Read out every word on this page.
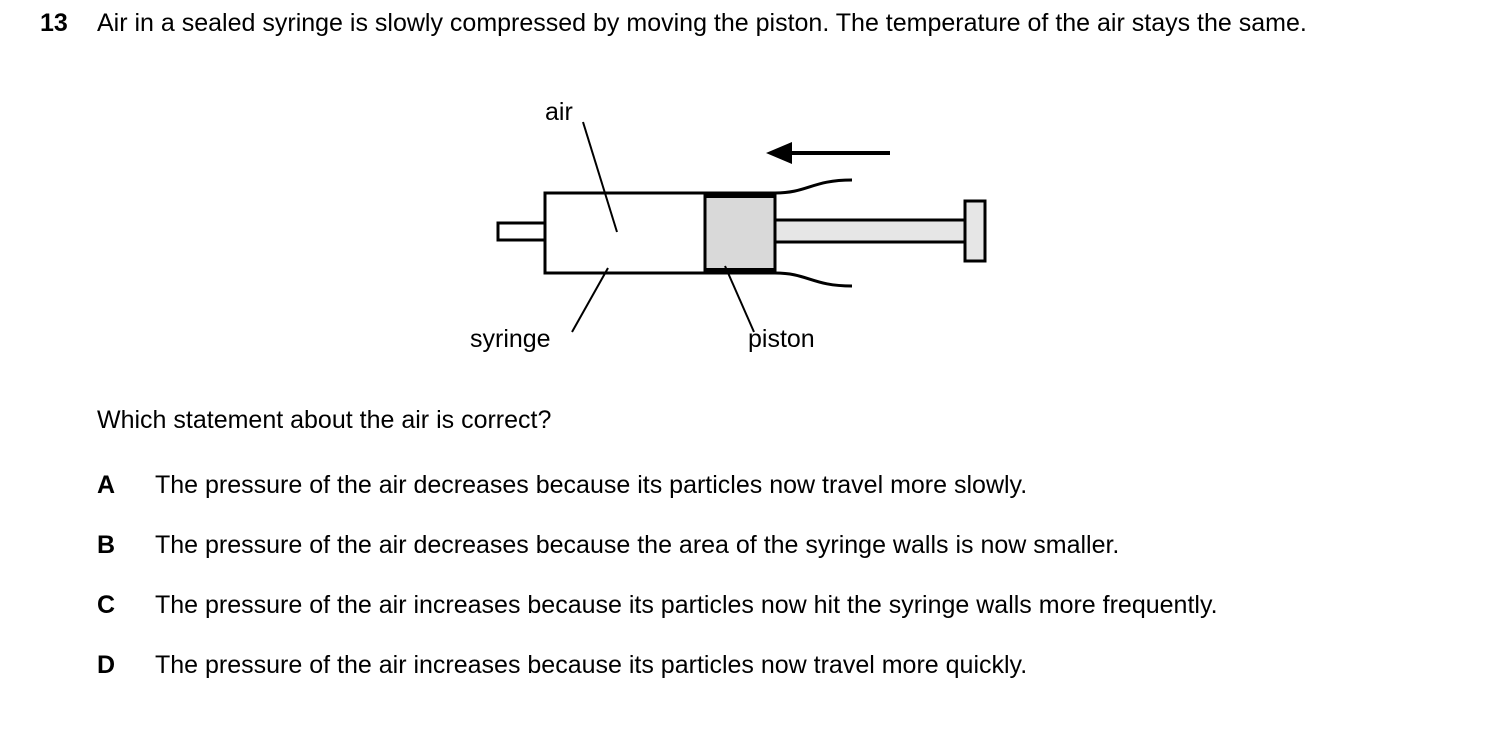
13	Air in a sealed syringe is slowly compressed by moving the piston. The temperature of the air stays the same.
air
syringe	piston
Which statement about the air is correct?
A	The pressure of the air decreases because its particles now travel more slowly.
B	The pressure of the air decreases because the area of the syringe walls is now smaller.
C	The pressure of the air increases because its particles now hit the syringe walls more frequently.
D	The pressure of the air increases because its particles now travel more quickly.
